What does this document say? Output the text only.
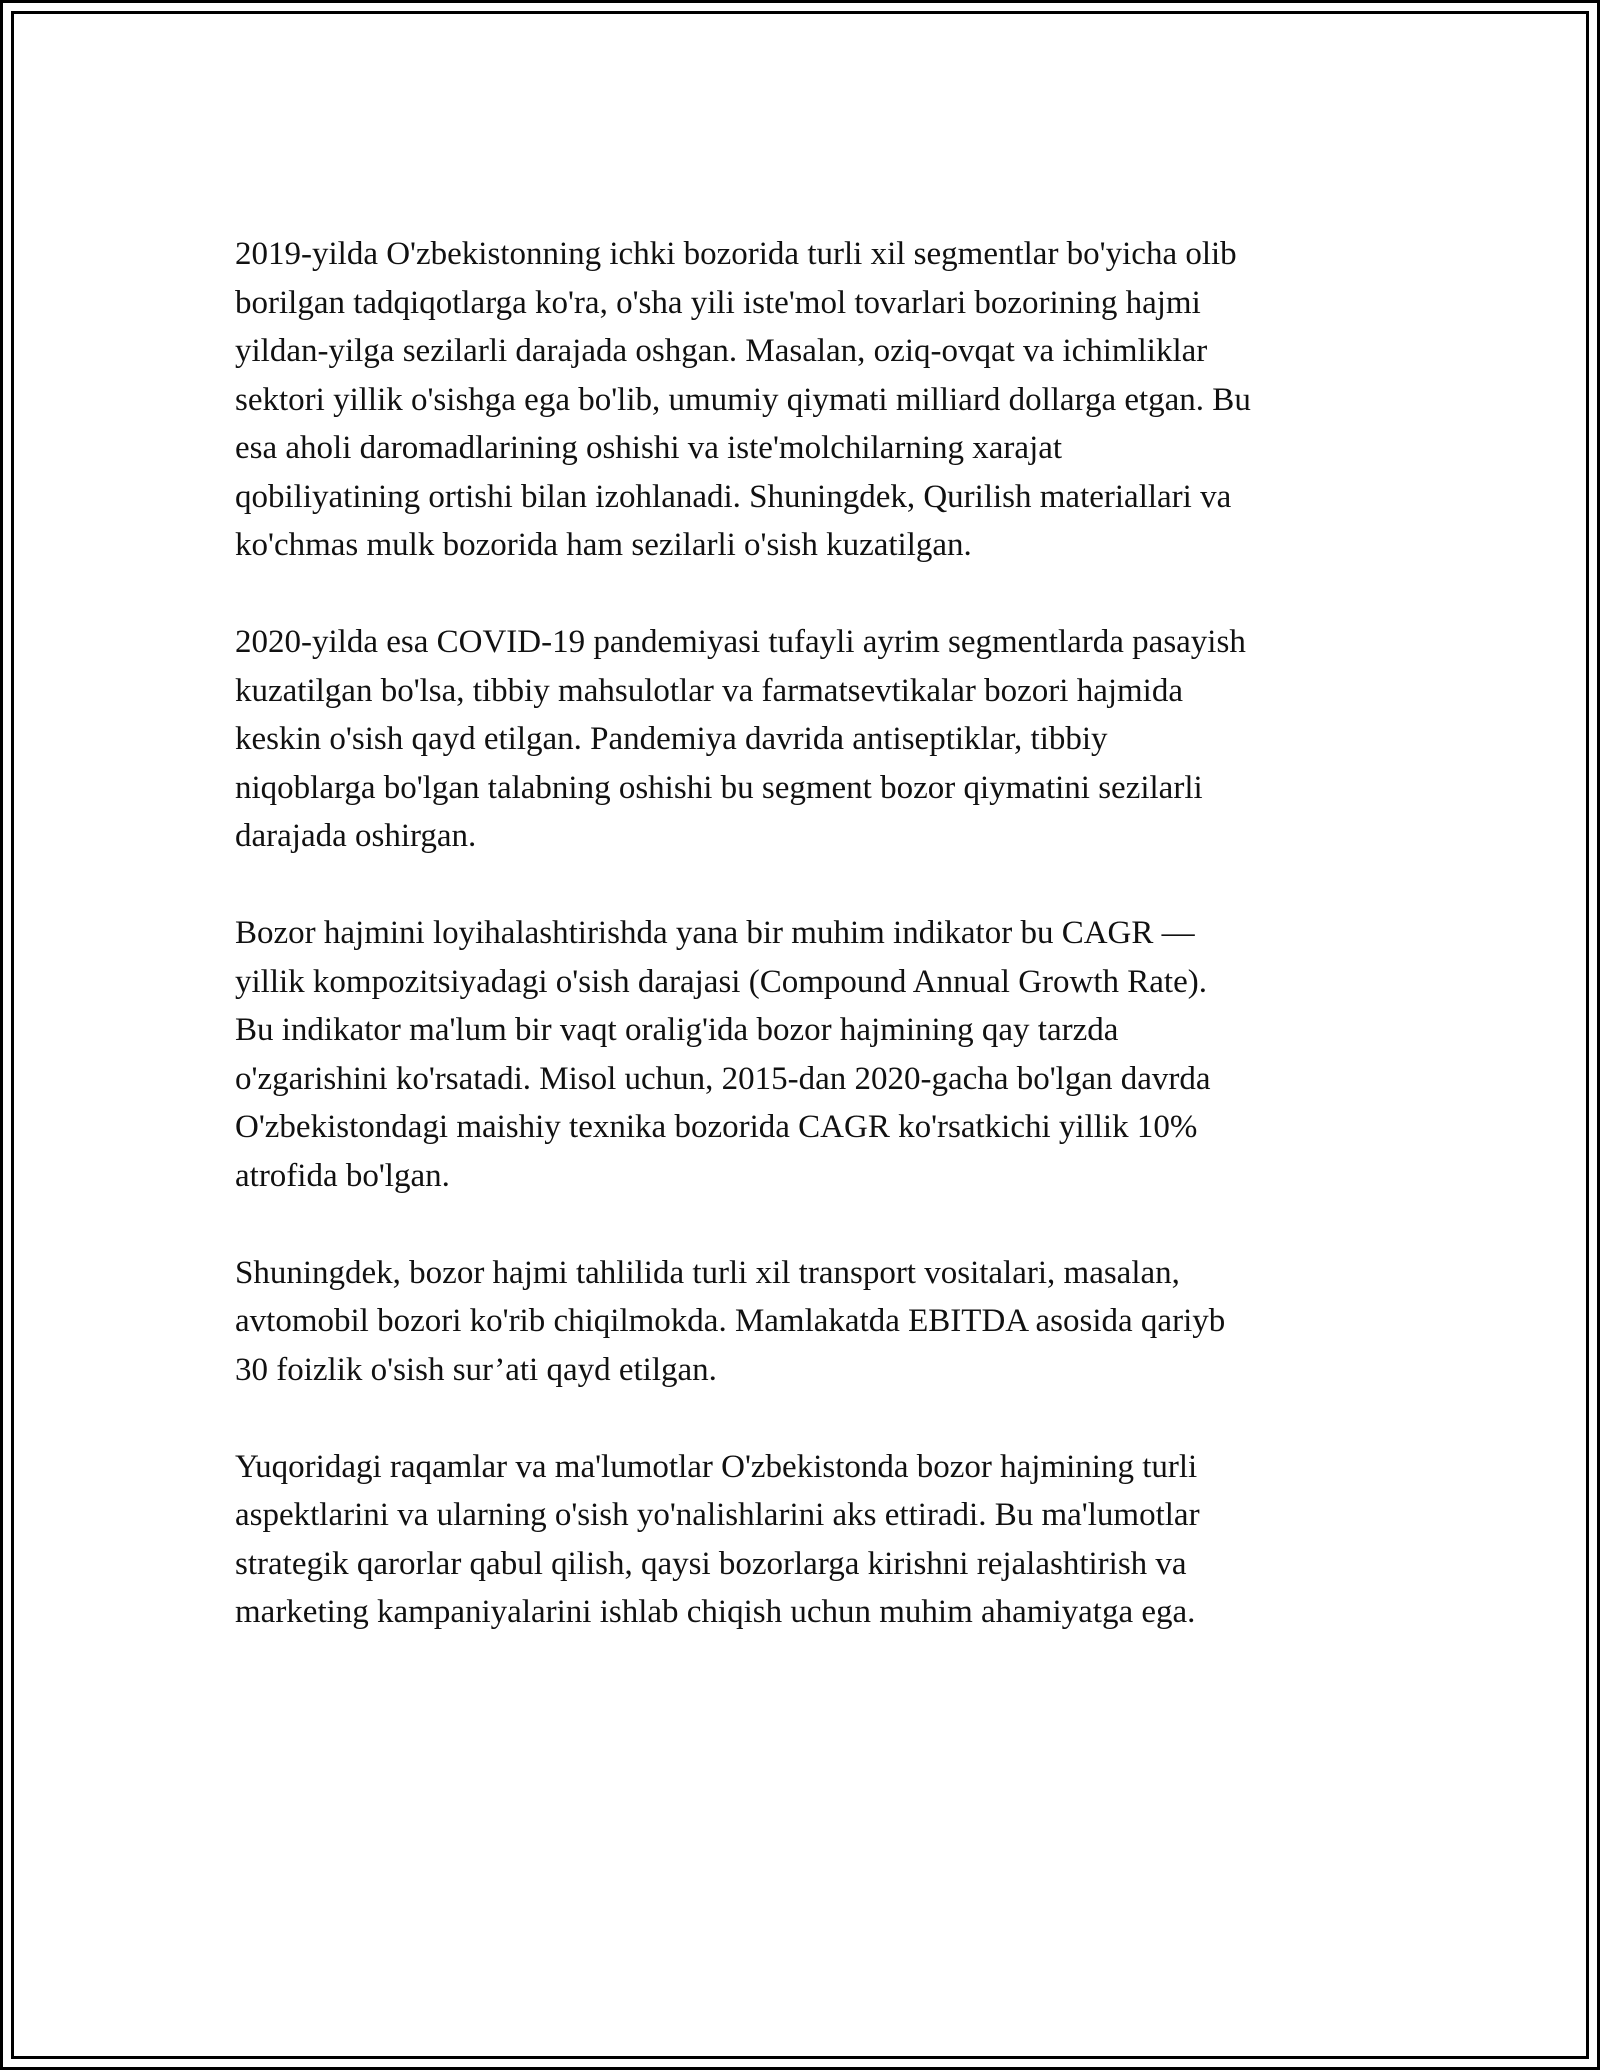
2019-yilda O'zbekistonning ichki bozorida turli xil segmentlar bo'yicha olib
borilgan tadqiqotlarga ko'ra, o'sha yili iste'mol tovarlari bozorining hajmi
yildan-yilga sezilarli darajada oshgan. Masalan, oziq-ovqat va ichimliklar
sektori yillik o'sishga ega bo'lib, umumiy qiymati milliard dollarga etgan. Bu
esa aholi daromadlarining oshishi va iste'molchilarning xarajat
qobiliyatining ortishi bilan izohlanadi. Shuningdek, Qurilish materiallari va
ko'chmas mulk bozorida ham sezilarli o'sish kuzatilgan.

2020-yilda esa COVID-19 pandemiyasi tufayli ayrim segmentlarda pasayish
kuzatilgan bo'lsa, tibbiy mahsulotlar va farmatsevtikalar bozori hajmida
keskin o'sish qayd etilgan. Pandemiya davrida antiseptiklar, tibbiy
niqoblarga bo'lgan talabning oshishi bu segment bozor qiymatini sezilarli
darajada oshirgan.

Bozor hajmini loyihalashtirishda yana bir muhim indikator bu CAGR —
yillik kompozitsiyadagi o'sish darajasi (Compound Annual Growth Rate).
Bu indikator ma'lum bir vaqt oralig'ida bozor hajmining qay tarzda
o'zgarishini ko'rsatadi. Misol uchun, 2015-dan 2020-gacha bo'lgan davrda
O'zbekistondagi maishiy texnika bozorida CAGR ko'rsatkichi yillik 10%
atrofida bo'lgan.

Shuningdek, bozor hajmi tahlilida turli xil transport vositalari, masalan,
avtomobil bozori ko'rib chiqilmokda. Mamlakatda EBITDA asosida qariyb
30 foizlik o'sish sur’ati qayd etilgan.

Yuqoridagi raqamlar va ma'lumotlar O'zbekistonda bozor hajmining turli
aspektlarini va ularning o'sish yo'nalishlarini aks ettiradi. Bu ma'lumotlar
strategik qarorlar qabul qilish, qaysi bozorlarga kirishni rejalashtirish va
marketing kampaniyalarini ishlab chiqish uchun muhim ahamiyatga ega.
